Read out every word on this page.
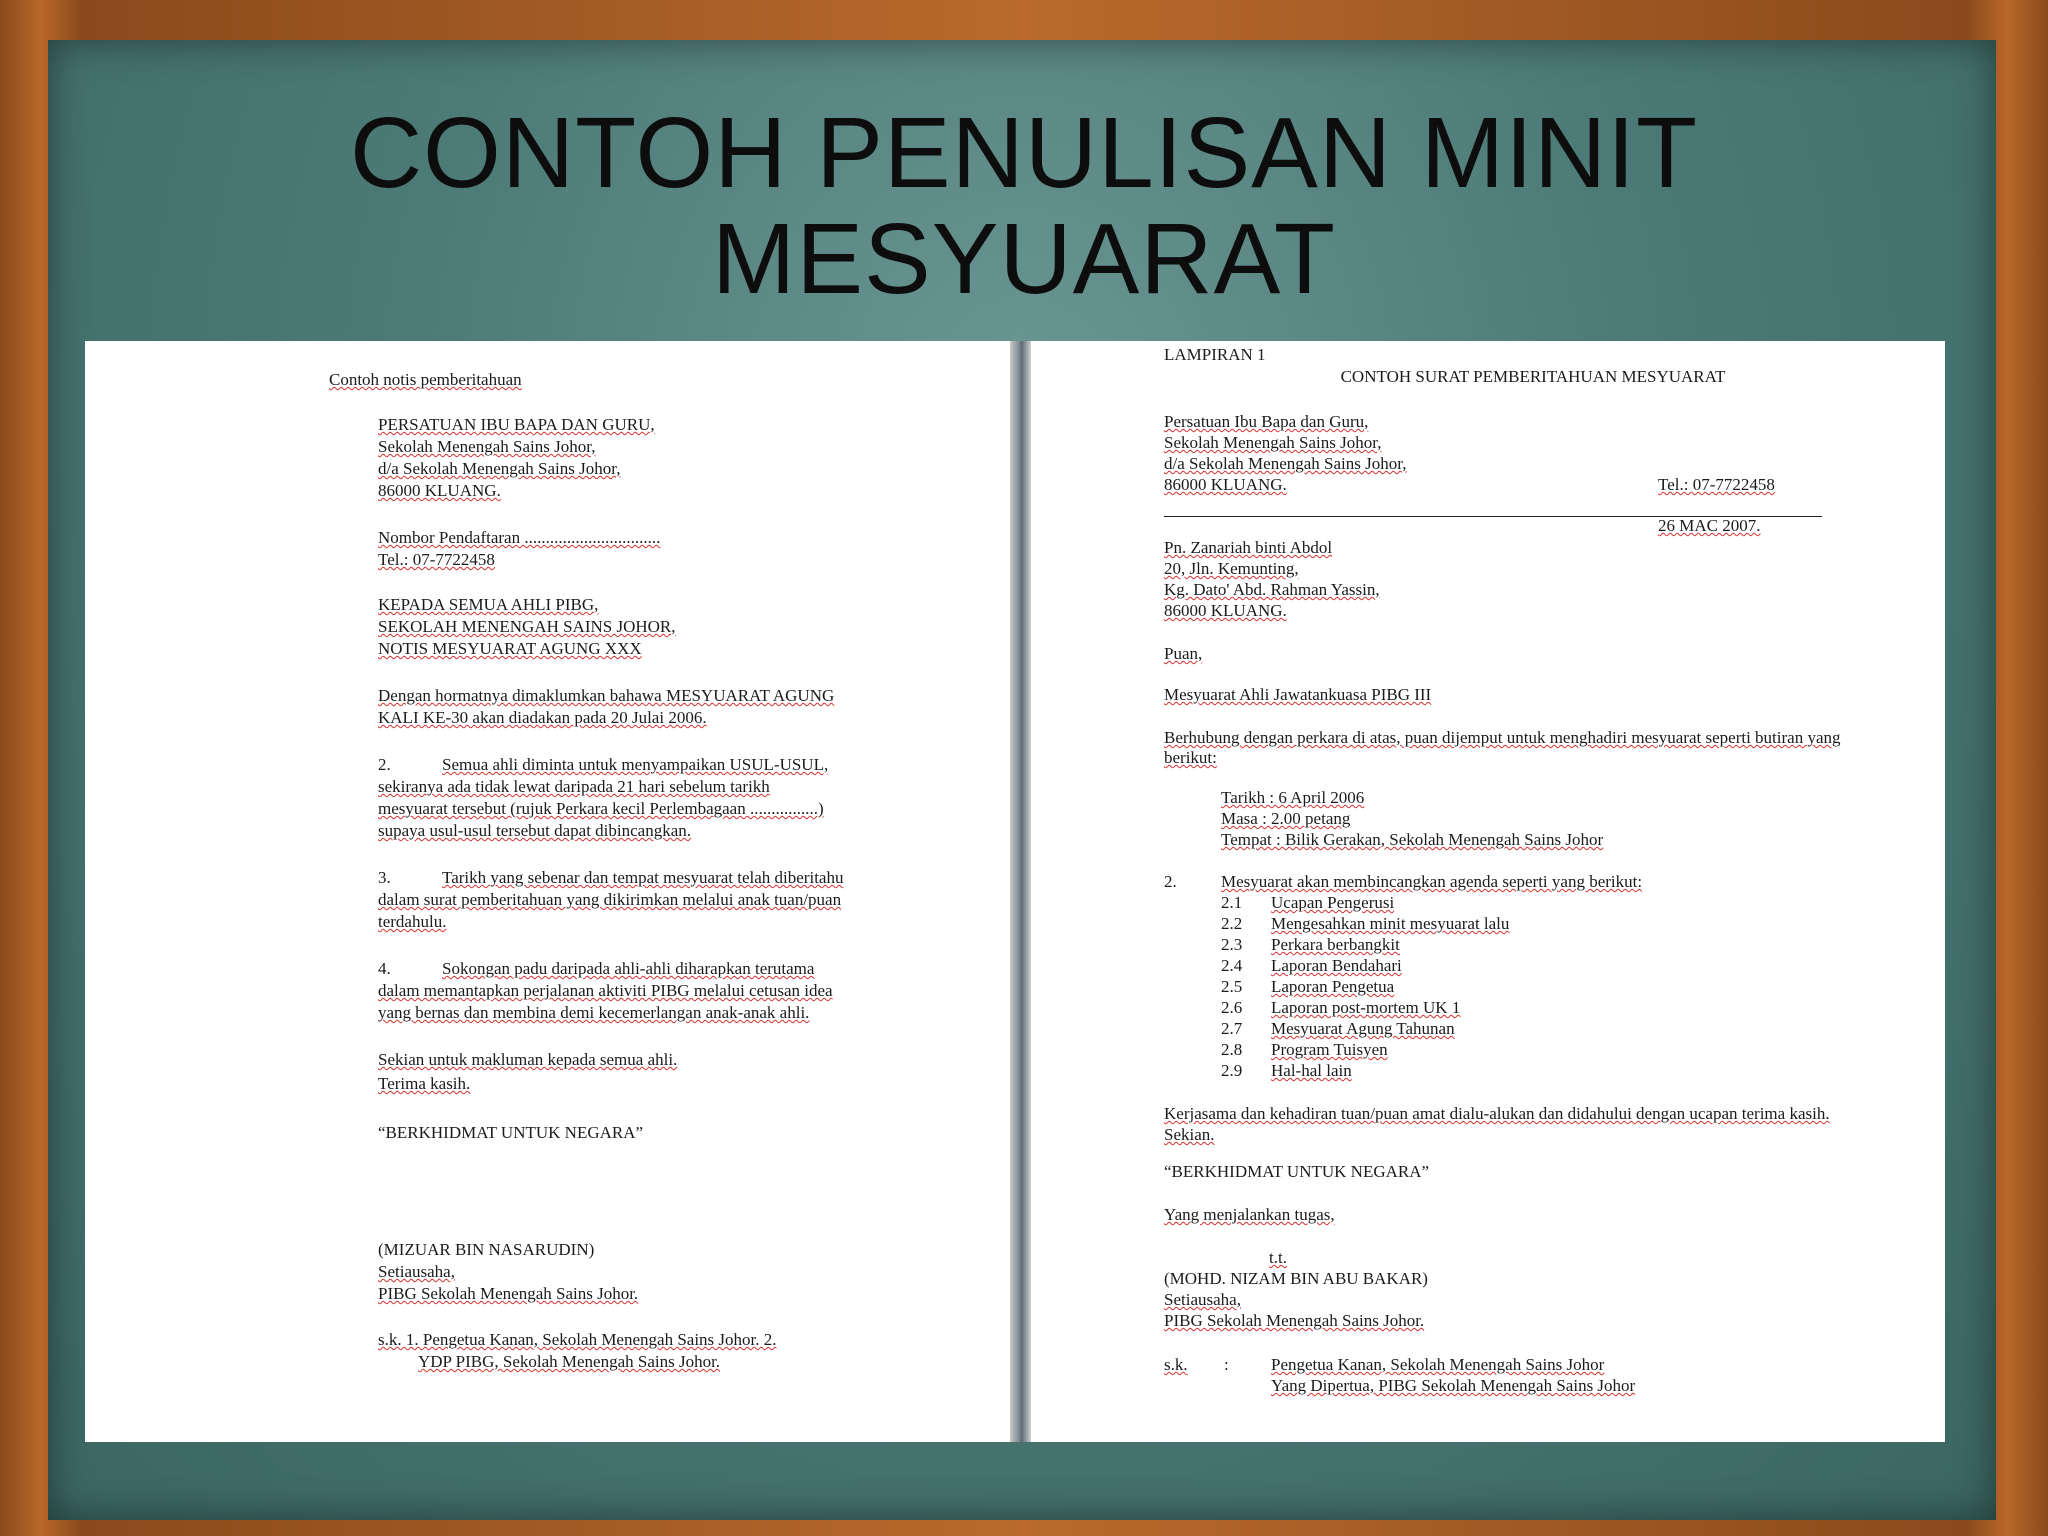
CONTOH PENULISAN MINIT
MESYUARAT
Contoh notis pemberitahuan
PERSATUAN IBU BAPA DAN GURU,
Sekolah Menengah Sains Johor,
d/a Sekolah Menengah Sains Johor,
86000 KLUANG.
Nombor Pendaftaran ................................
Tel.: 07-7722458
KEPADA SEMUA AHLI PIBG,
SEKOLAH MENENGAH SAINS JOHOR,
NOTIS MESYUARAT AGUNG XXX
Dengan hormatnya dimaklumkan bahawa MESYUARAT AGUNG
KALI KE-30 akan diadakan pada 20 Julai 2006.
2.	Semua ahli diminta untuk menyampaikan USUL-USUL,
sekiranya ada tidak lewat daripada 21 hari sebelum tarikh
mesyuarat tersebut (rujuk Perkara kecil Perlembagaan ................)
supaya usul-usul tersebut dapat dibincangkan.
3.	Tarikh yang sebenar dan tempat mesyuarat telah diberitahu
dalam surat pemberitahuan yang dikirimkan melalui anak tuan/puan
terdahulu.
4.	Sokongan padu daripada ahli-ahli diharapkan terutama
dalam memantapkan perjalanan aktiviti PIBG melalui cetusan idea
yang bernas dan membina demi kecemerlangan anak-anak ahli.
Sekian untuk makluman kepada semua ahli.
Terima kasih.
“BERKHIDMAT UNTUK NEGARA”
(MIZUAR BIN NASARUDIN)
Setiausaha,
PIBG Sekolah Menengah Sains Johor.
s.k. 1. Pengetua Kanan, Sekolah Menengah Sains Johor. 2.
YDP PIBG, Sekolah Menengah Sains Johor.
LAMPIRAN 1
CONTOH SURAT PEMBERITAHUAN MESYUARAT
Persatuan Ibu Bapa dan Guru,
Sekolah Menengah Sains Johor,
d/a Sekolah Menengah Sains Johor,
86000 KLUANG.	Tel.: 07-7722458
26 MAC 2007.
Pn. Zanariah binti Abdol
20, Jln. Kemunting,
Kg. Dato' Abd. Rahman Yassin,
86000 KLUANG.
Puan,
Mesyuarat Ahli Jawatankuasa PIBG III
Berhubung dengan perkara di atas, puan dijemput untuk menghadiri mesyuarat seperti butiran yang
berikut:
Tarikh : 6 April 2006
Masa : 2.00 petang
Tempat : Bilik Gerakan, Sekolah Menengah Sains Johor
2.	Mesyuarat akan membincangkan agenda seperti yang berikut:
2.1 Ucapan Pengerusi
2.2 Mengesahkan minit mesyuarat lalu
2.3 Perkara berbangkit
2.4 Laporan Bendahari
2.5 Laporan Pengetua
2.6 Laporan post-mortem UK 1
2.7 Mesyuarat Agung Tahunan
2.8 Program Tuisyen
2.9 Hal-hal lain
Kerjasama dan kehadiran tuan/puan amat dialu-alukan dan didahului dengan ucapan terima kasih.
Sekian.
“BERKHIDMAT UNTUK NEGARA”
Yang menjalankan tugas,
t.t.
(MOHD. NIZAM BIN ABU BAKAR)
Setiausaha,
PIBG Sekolah Menengah Sains Johor.
s.k. : Pengetua Kanan, Sekolah Menengah Sains Johor
Yang Dipertua, PIBG Sekolah Menengah Sains Johor
